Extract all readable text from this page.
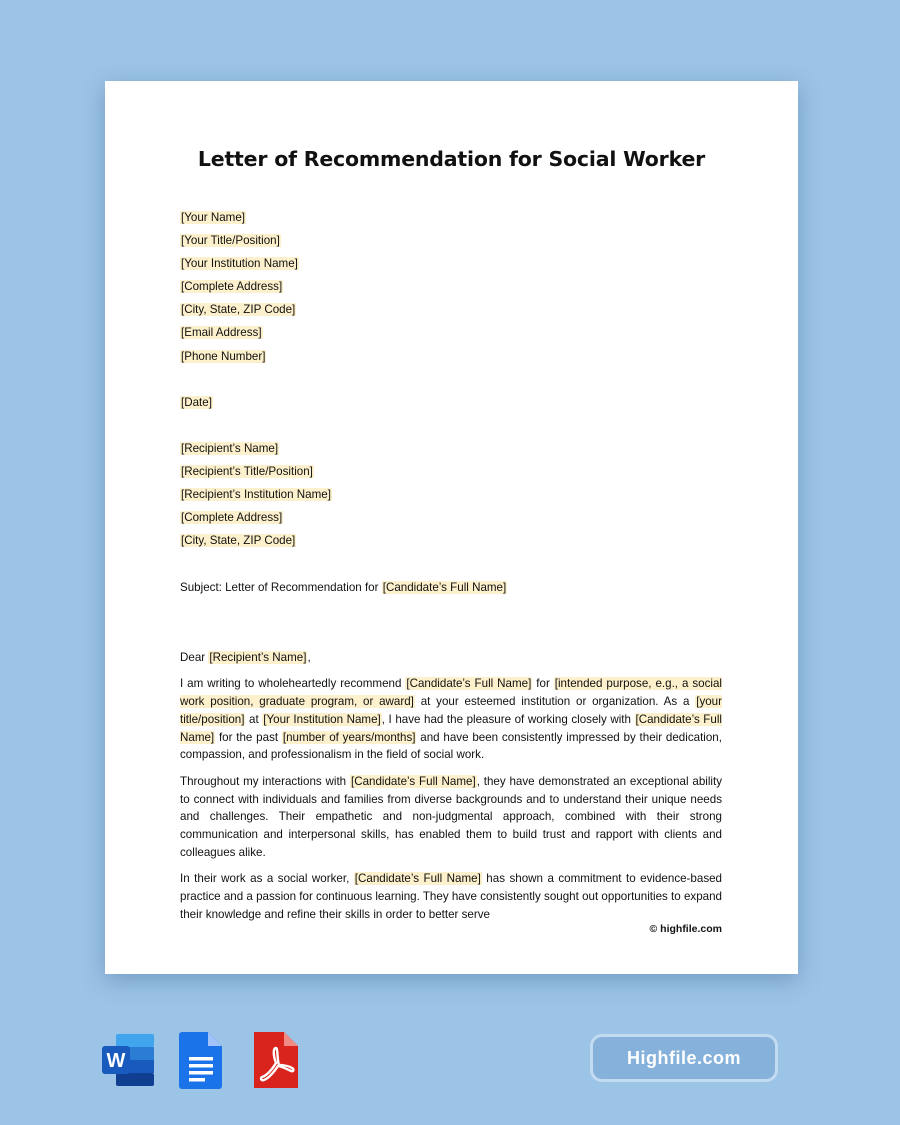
Letter of Recommendation for Social Worker
[Your Name]
[Your Title/Position]
[Your Institution Name]
[Complete Address]
[City, State, ZIP Code]
[Email Address]
[Phone Number]
[Date]
[Recipient’s Name]
[Recipient’s Title/Position]
[Recipient’s Institution Name]
[Complete Address]
[City, State, ZIP Code]
Subject: Letter of Recommendation for [Candidate’s Full Name]

Dear [Recipient’s Name],

I am writing to wholeheartedly recommend [Candidate’s Full Name] for [intended purpose, e.g., a social work position, graduate program, or award] at your esteemed institution or organization. As a [your title/position] at [Your Institution Name], I have had the pleasure of working closely with [Candidate’s Full Name] for the past [number of years/months] and have been consistently impressed by their dedication, compassion, and professionalism in the field of social work.

Throughout my interactions with [Candidate’s Full Name], they have demonstrated an exceptional ability to connect with individuals and families from diverse backgrounds and to understand their unique needs and challenges. Their empathetic and non-judgmental approach, combined with their strong communication and interpersonal skills, has enabled them to build trust and rapport with clients and colleagues alike.

In their work as a social worker, [Candidate’s Full Name] has shown a commitment to evidence-based practice and a passion for continuous learning. They have consistently sought out opportunities to expand their knowledge and refine their skills in order to better serve

© highfile.com
W	Highfile.com
